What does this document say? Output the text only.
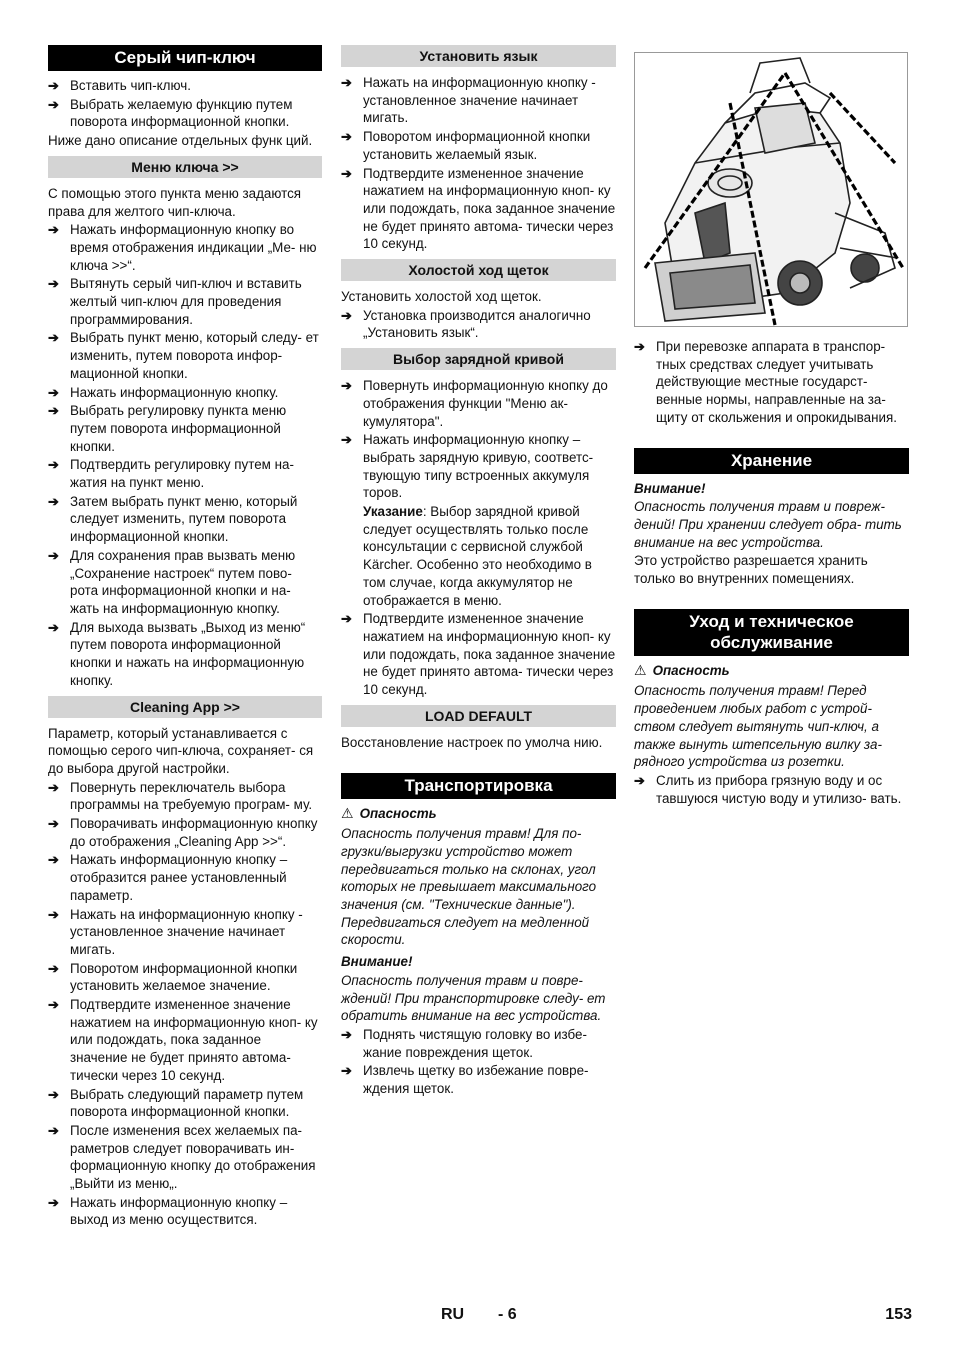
Серый чип-ключ
➔ Вставить чип-ключ.
➔ Выбрать желаемую функцию путем поворота информационной кнопки.
Ниже дано описание отдельных функ ций.
Меню ключа >>
С помощью этого пункта меню задаются права для желтого чип-ключа.
➔ Нажать информационную кнопку во время отображения индикации „Ме- ню ключа >>“.
➔ Вытянуть серый чип-ключ и вставить желтый чип-ключ для проведения программирования.
➔ Выбрать пункт меню, который следу- ет изменить, путем поворота инфор- мационной кнопки.
➔ Нажать информационную кнопку.
➔ Выбрать регулировку пункта меню путем поворота информационной кнопки.
➔ Подтвердить регулировку путем на- жатия на пункт меню.
➔ Затем выбрать пункт меню, который следует изменить, путем поворота информационной кнопки.
➔ Для сохранения прав вызвать меню „Сохранение настроек“ путем пово- рота информационной кнопки и на- жать на информационную кнопку.
➔ Для выхода вызвать „Выход из меню“ путем поворота информационной кнопки и нажать на информационную кнопку.
Cleaning App >>
Параметр, который устанавливается с помощью серого чип-ключа, сохраняет- ся до выбора другой настройки.
➔ Повернуть переключатель выбора программы на требуемую програм- му.
➔ Поворачивать информационную кнопку до отображения „Cleaning App >>“.
➔ Нажать информационную кнопку – отобразится ранее установленный параметр.
➔ Нажать на информационную кнопку - установленное значение начинает мигать.
➔ Поворотом информационной кнопки установить желаемое значение.
➔ Подтвердите измененное значение нажатием на информационную кноп- ку или подождать, пока заданное значение не будет принято автома- тически через 10 секунд.
➔ Выбрать следующий параметр путем поворота информационной кнопки.
➔ После изменения всех желаемых па- раметров следует поворачивать ин- формационную кнопку до отображения „Выйти из меню„.
➔ Нажать информационную кнопку – выход из меню осуществится.
Установить язык
➔ Нажать на информационную кнопку - установленное значение начинает мигать.
➔ Поворотом информационной кнопки установить желаемый язык.
➔ Подтвердите измененное значение нажатием на информационную кноп- ку или подождать, пока заданное значение не будет принято автома- тически через 10 секунд.
Холостой ход щеток
Установить холостой ход щеток.
➔ Установка производится аналогично „Установить язык“.
Выбор зарядной кривой
➔ Повернуть информационную кнопку до отображения функции "Меню ак- кумулятора".
➔ Нажать информационную кнопку – выбрать зарядную кривую, соответс- твующую типу встроенных аккумуля торов.
Указание: Выбор зарядной кривой следует осуществлять только после консультации с сервисной службой Kärcher. Особенно это необходимо в том случае, когда аккумулятор не отображается в меню.
➔ Подтвердите измененное значение нажатием на информационную кноп- ку или подождать, пока заданное значение не будет принято автома- тически через 10 секунд.
LOAD DEFAULT
Восстановление настроек по умолча нию.
Транспортировка
⚠ Опасность
Опасность получения травм! Для по- грузки/выгрузки устройство может передвигаться только на склонах, угол которых не превышает максимального значения (см. "Технические данные"). Передвигаться следует на медленной скорости.
Внимание!
Опасность получения травм и повре- ждений! При транспортировке следу- ет обратить внимание на вес устройства.
➔ Поднять чистящую головку во избе- жание повреждения щеток.
➔ Извлечь щетку во избежание повре- ждения щеток.
➔ При перевозке аппарата в транспор- тных средствах следует учитывать действующие местные государст- венные нормы, направленные на за- щиту от скольжения и опрокидывания.
Хранение
Внимание!
Опасность получения травм и повреж- дений! При хранении следует обра- тить внимание на вес устройства.
Это устройство разрешается хранить только во внутренних помещениях.
Уход и техническое обслуживание
⚠ Опасность
Опасность получения травм! Перед проведением любых работ с устрой- ством следует вытянуть чип-ключ, а также вынуть штепсельную вилку за- рядного устройства из розетки.
➔ Слить из прибора грязную воду и ос тавшуюся чистую воду и утилизо- вать.
RU - 6	153
